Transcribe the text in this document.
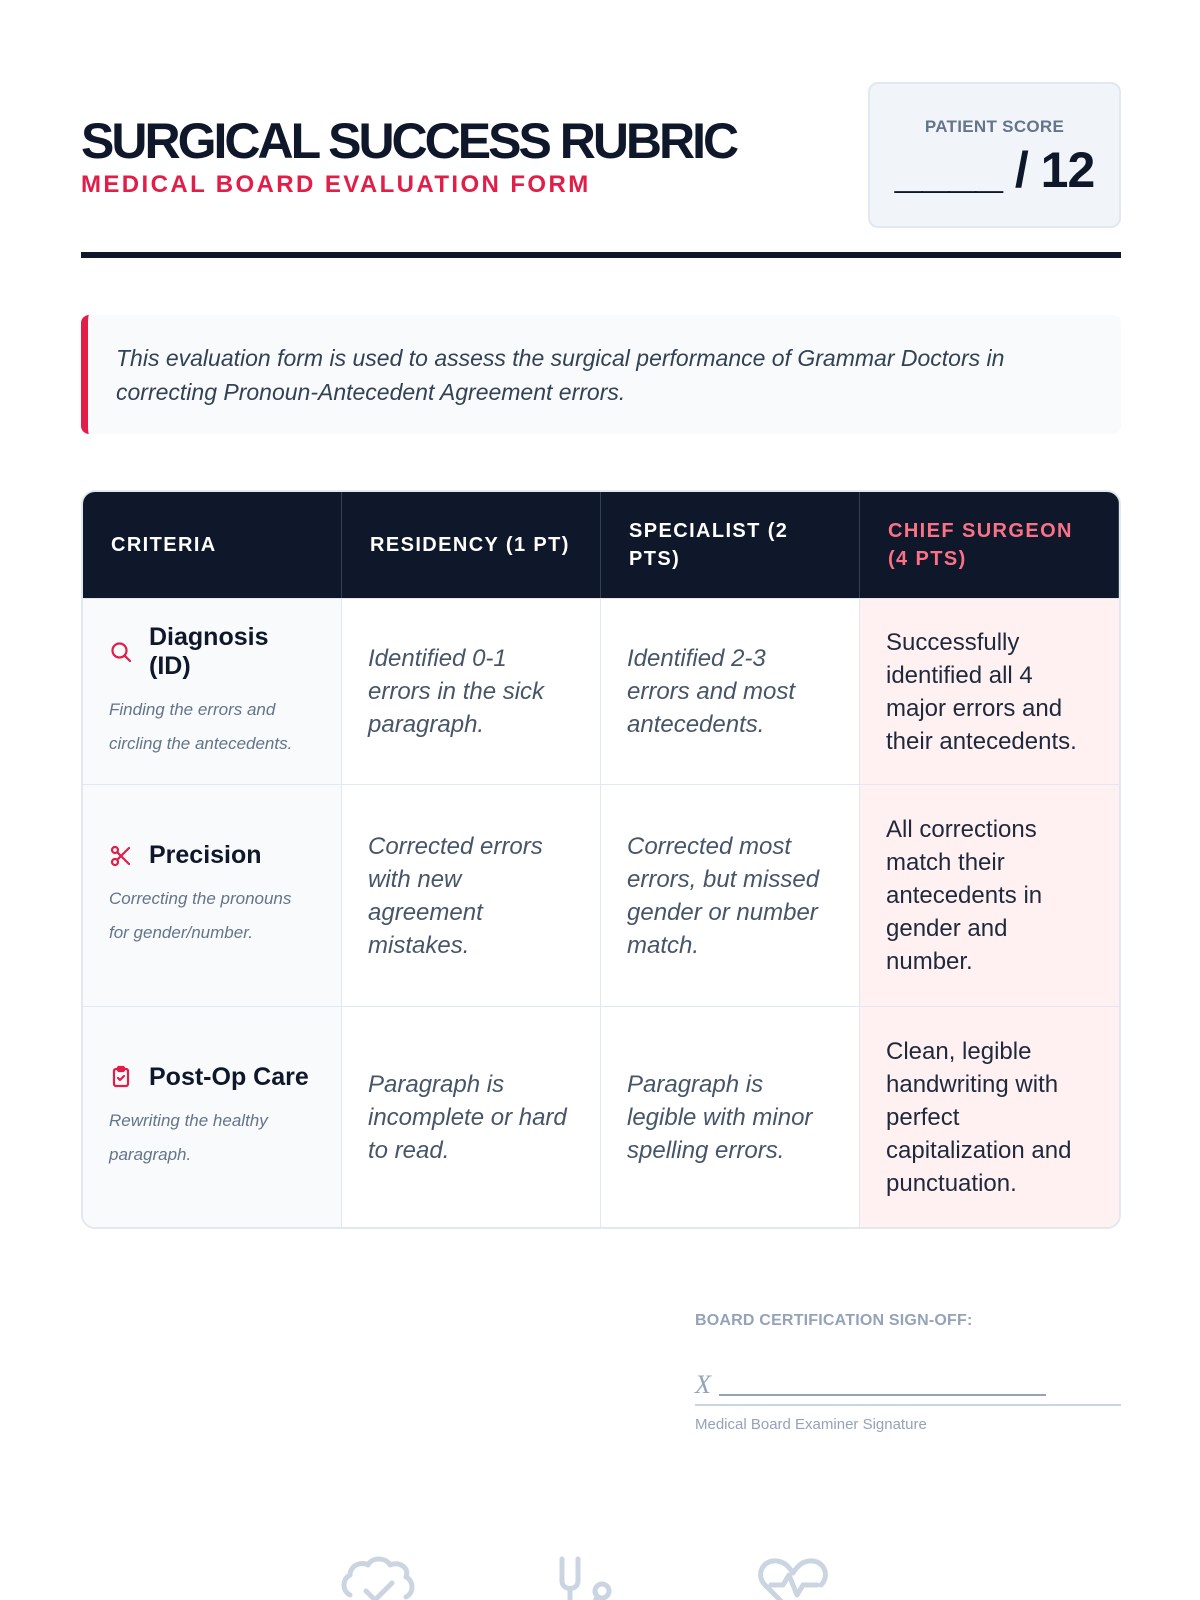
SURGICAL SUCCESS RUBRIC
MEDICAL BOARD EVALUATION FORM
PATIENT SCORE
____ / 12

This evaluation form is used to assess the surgical performance of Grammar Doctors in correcting Pronoun-Antecedent Agreement errors.

CRITERIA	RESIDENCY (1 PT)
SPECIALIST (2 PTS)
CHIEF SURGEON (4 PTS)
Diagnosis (ID)
Finding the errors and circling the antecedents.
Identified 0-1 errors in the sick paragraph.
Identified 2-3 errors and most antecedents.
Successfully identified all 4 major errors and their antecedents.
Precision
Correcting the pronouns for gender/number.
Corrected errors with new agreement mistakes.
Corrected most errors, but missed gender or number match.
All corrections match their antecedents in gender and number.
Post-Op Care
Rewriting the healthy paragraph.
Paragraph is incomplete or hard to read.
Paragraph is legible with minor spelling errors.
Clean, legible handwriting with perfect capitalization and punctuation.
BOARD CERTIFICATION SIGN-OFF:
X
Medical Board Examiner Signature
